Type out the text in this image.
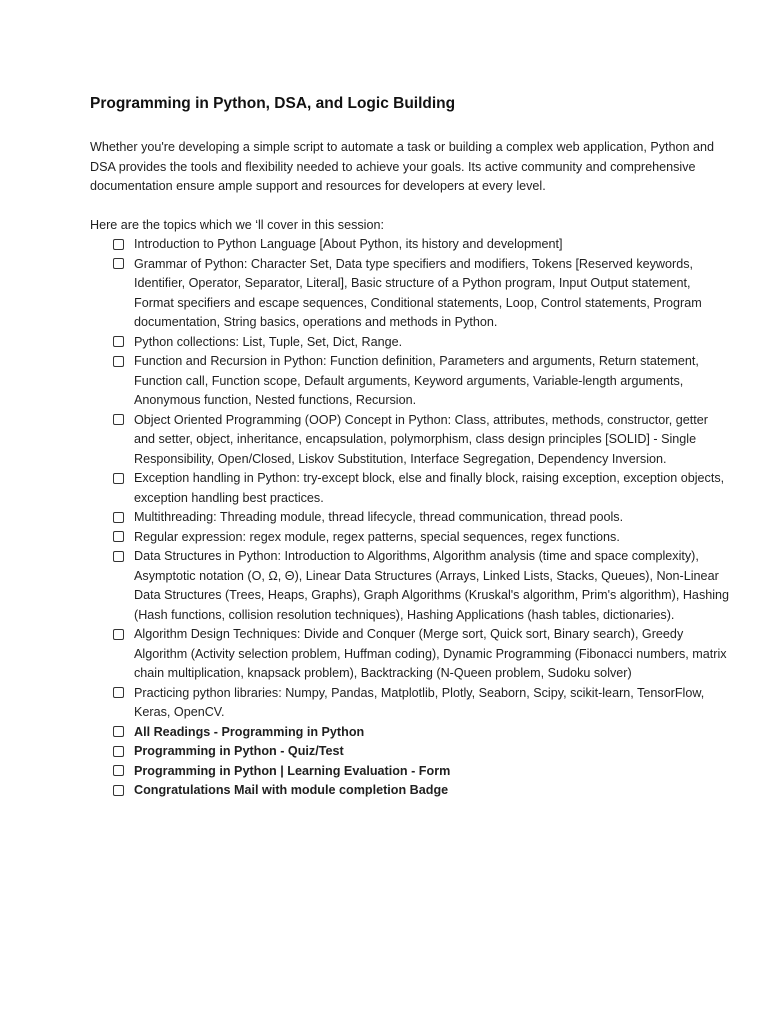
Programming in Python, DSA, and Logic Building

Whether you're developing a simple script to automate a task or building a complex web application, Python and DSA provides the tools and flexibility needed to achieve your goals. Its active community and comprehensive documentation ensure ample support and resources for developers at every level.

Here are the topics which we ‘ll cover in this session:

Introduction to Python Language [About Python, its history and development]
Grammar of Python: Character Set, Data type specifiers and modifiers, Tokens [Reserved keywords, Identifier, Operator, Separator, Literal], Basic structure of a Python program, Input Output statement, Format specifiers and escape sequences, Conditional statements, Loop, Control statements, Program documentation, String basics, operations and methods in Python.
Python collections: List, Tuple, Set, Dict, Range.
Function and Recursion in Python: Function definition, Parameters and arguments, Return statement, Function call, Function scope, Default arguments, Keyword arguments, Variable-length arguments, Anonymous function, Nested functions, Recursion.
Object Oriented Programming (OOP) Concept in Python: Class, attributes, methods, constructor, getter and setter, object, inheritance, encapsulation, polymorphism, class design principles [SOLID] - Single Responsibility, Open/Closed, Liskov Substitution, Interface Segregation, Dependency Inversion.
Exception handling in Python: try-except block, else and finally block, raising exception, exception objects, exception handling best practices.
Multithreading: Threading module, thread lifecycle, thread communication, thread pools.
Regular expression: regex module, regex patterns, special sequences, regex functions.
Data Structures in Python: Introduction to Algorithms, Algorithm analysis (time and space complexity), Asymptotic notation (O, Ω, Θ), Linear Data Structures (Arrays, Linked Lists, Stacks, Queues), Non-Linear Data Structures (Trees, Heaps, Graphs), Graph Algorithms (Kruskal's algorithm, Prim's algorithm), Hashing (Hash functions, collision resolution techniques), Hashing Applications (hash tables, dictionaries).
Algorithm Design Techniques: Divide and Conquer (Merge sort, Quick sort, Binary search), Greedy Algorithm (Activity selection problem, Huffman coding), Dynamic Programming (Fibonacci numbers, matrix chain multiplication, knapsack problem), Backtracking (N-Queen problem, Sudoku solver)
Practicing python libraries: Numpy, Pandas, Matplotlib, Plotly, Seaborn, Scipy, scikit-learn, TensorFlow, Keras, OpenCV.
All Readings - Programming in Python
Programming in Python - Quiz/Test
Programming in Python | Learning Evaluation - Form
Congratulations Mail with module completion Badge
